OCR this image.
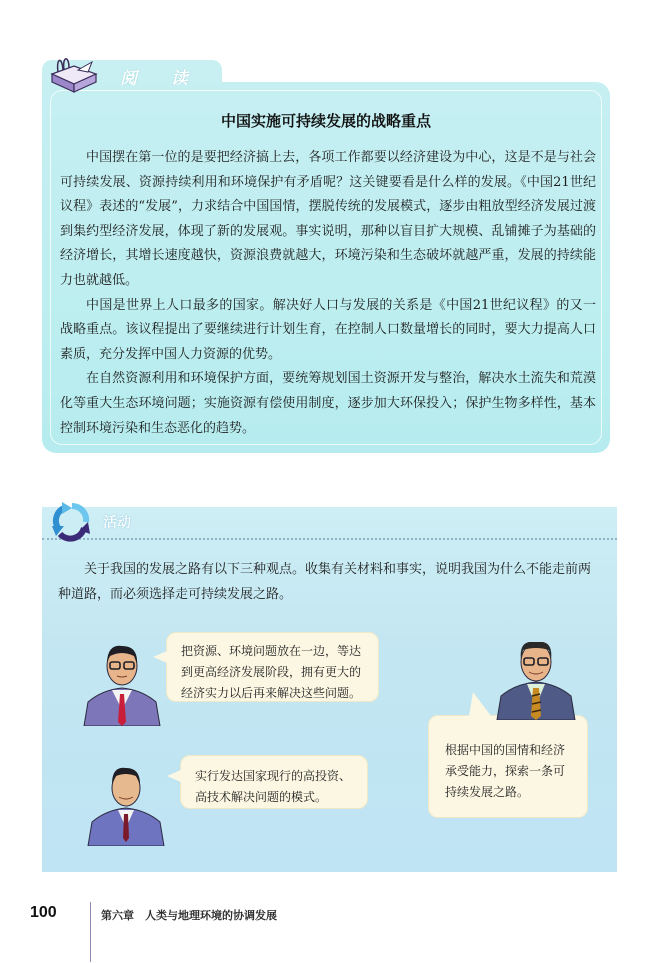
阅 读
中国实施可持续发展的战略重点

中国摆在第一位的是要把经济搞上去，各项工作都要以经济建设为中心，这是不是与社会可持续发展、资源持续利用和环境保护有矛盾呢？这关键要看是什么样的发展。《中国21世纪议程》表述的“发展”，力求结合中国国情，摆脱传统的发展模式，逐步由粗放型经济发展过渡到集约型经济发展，体现了新的发展观。事实说明，那种以盲目扩大规模、乱铺摊子为基础的经济增长，其增长速度越快，资源浪费就越大，环境污染和生态破坏就越严重，发展的持续能力也就越低。

中国是世界上人口最多的国家。解决好人口与发展的关系是《中国21世纪议程》的又一战略重点。该议程提出了要继续进行计划生育，在控制人口数量增长的同时，要大力提高人口素质，充分发挥中国人力资源的优势。

在自然资源利用和环境保护方面，要统筹规划国土资源开发与整治，解决水土流失和荒漠化等重大生态环境问题；实施资源有偿使用制度，逐步加大环保投入；保护生物多样性，基本控制环境污染和生态恶化的趋势。

活动

关于我国的发展之路有以下三种观点。收集有关材料和事实，说明我国为什么不能走前两种道路，而必须选择走可持续发展之路。

把资源、环境问题放在一边，等达到更高经济发展阶段，拥有更大的经济实力以后再来解决这些问题。
实行发达国家现行的高投资、高技术解决问题的模式。
根据中国的国情和经济承受能力，探索一条可持续发展之路。
100	第六章　人类与地理环境的协调发展
